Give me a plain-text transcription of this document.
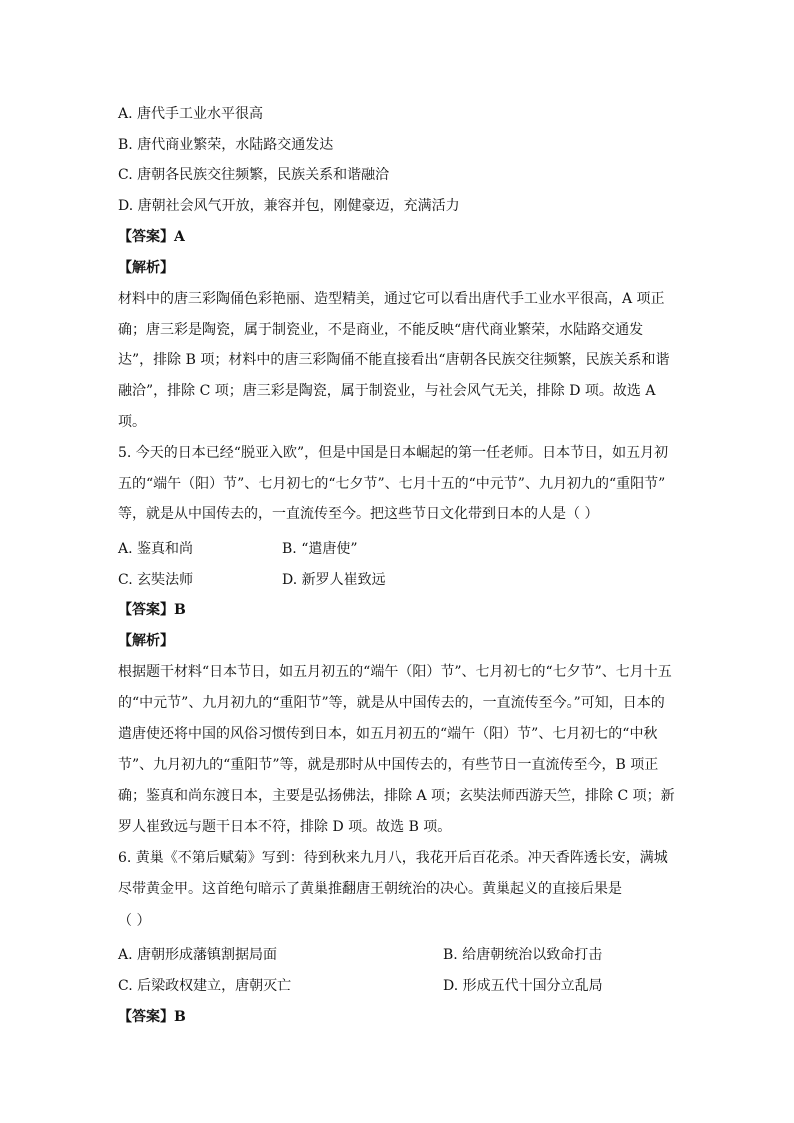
A. 唐代手工业水平很高
B. 唐代商业繁荣，水陆路交通发达
C. 唐朝各民族交往频繁，民族关系和谐融洽
D. 唐朝社会风气开放，兼容并包，刚健豪迈，充满活力
【答案】A
【解析】
材料中的唐三彩陶俑色彩艳丽、造型精美，通过它可以看出唐代手工业水平很高，A 项正
确；唐三彩是陶瓷，属于制瓷业，不是商业，不能反映“唐代商业繁荣，水陆路交通发
达”，排除 B 项；材料中的唐三彩陶俑不能直接看出“唐朝各民族交往频繁，民族关系和谐
融洽”，排除 C 项；唐三彩是陶瓷，属于制瓷业，与社会风气无关，排除 D 项。故选 A
项。
5. 今天的日本已经“脱亚入欧”，但是中国是日本崛起的第一任老师。日本节日，如五月初
五的“端午（阳）节”、七月初七的“七夕节”、七月十五的“中元节”、九月初九的“重阳节”
等，就是从中国传去的，一直流传至今。把这些节日文化带到日本的人是（ ）
A. 鉴真和尚	B. “遣唐使”
C. 玄奘法师	D. 新罗人崔致远
【答案】B
【解析】
根据题干材料“日本节日，如五月初五的“端午（阳）节”、七月初七的“七夕节”、七月十五
的“中元节”、九月初九的“重阳节”等，就是从中国传去的，一直流传至今。”可知，日本的
遣唐使还将中国的风俗习惯传到日本，如五月初五的“端午（阳）节”、七月初七的“中秋
节”、九月初九的“重阳节”等，就是那时从中国传去的，有些节日一直流传至今，B 项正
确；鉴真和尚东渡日本，主要是弘扬佛法，排除 A 项；玄奘法师西游天竺，排除 C 项；新
罗人崔致远与题干日本不符，排除 D 项。故选 B 项。
6. 黄巢《不第后赋菊》写到：待到秋来九月八，我花开后百花杀。冲天香阵透长安，满城
尽带黄金甲。这首绝句暗示了黄巢推翻唐王朝统治的决心。黄巢起义的直接后果是
（ ）
A. 唐朝形成藩镇割据局面	B. 给唐朝统治以致命打击
C. 后梁政权建立，唐朝灭亡	D. 形成五代十国分立乱局
【答案】B
